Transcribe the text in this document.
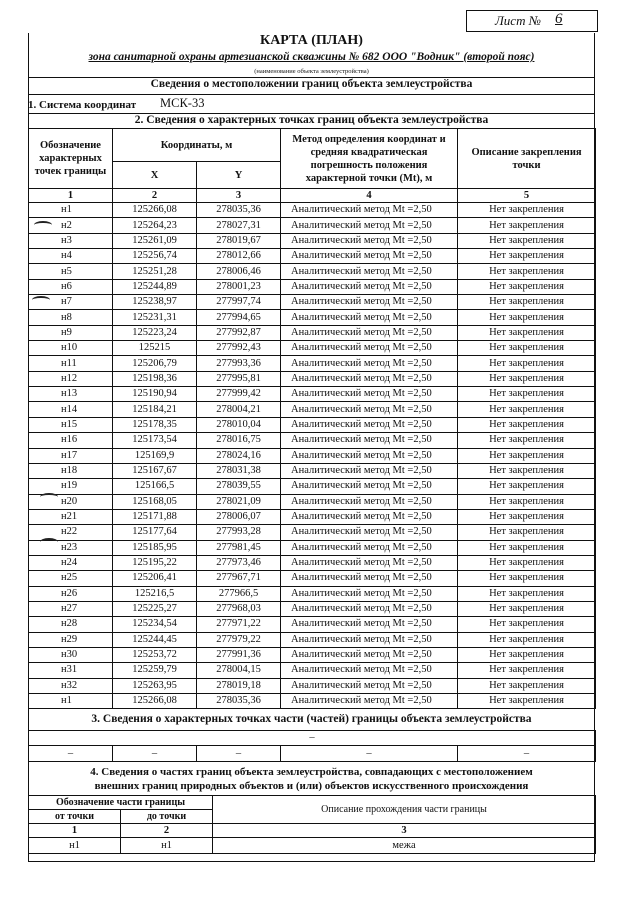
Лист № 6
КАРТА (ПЛАН)
зона санитарной охраны артезианской скважины № 682 ООО "Водник" (второй пояс)
(наименование объекта землеустройства)
Сведения о местоположении границ объекта землеустройства
1. Система координат МСК-33
2. Сведения о характерных точках границ объекта землеустройства
Обозначение характерных точек границы	Координаты, м		Метод определения координат и средняя квадратическая погрешность положения характерной точки (Mt), м	Описание закрепления точки
	X	Y		
1	2	3	4	5
н1	125266,08	278035,36	Аналитический метод Mt =2,50	Нет закрепления
н2	125264,23	278027,31	Аналитический метод Mt =2,50	Нет закрепления
н3	125261,09	278019,67	Аналитический метод Mt =2,50	Нет закрепления
н4	125256,74	278012,66	Аналитический метод Mt =2,50	Нет закрепления
н5	125251,28	278006,46	Аналитический метод Mt =2,50	Нет закрепления
н6	125244,89	278001,23	Аналитический метод Mt =2,50	Нет закрепления
н7	125238,97	277997,74	Аналитический метод Mt =2,50	Нет закрепления
н8	125231,31	277994,65	Аналитический метод Mt =2,50	Нет закрепления
н9	125223,24	277992,87	Аналитический метод Mt =2,50	Нет закрепления
н10	125215	277992,43	Аналитический метод Mt =2,50	Нет закрепления
н11	125206,79	277993,36	Аналитический метод Mt =2,50	Нет закрепления
н12	125198,36	277995,81	Аналитический метод Mt =2,50	Нет закрепления
н13	125190,94	277999,42	Аналитический метод Mt =2,50	Нет закрепления
н14	125184,21	278004,21	Аналитический метод Mt =2,50	Нет закрепления
н15	125178,35	278010,04	Аналитический метод Mt =2,50	Нет закрепления
н16	125173,54	278016,75	Аналитический метод Mt =2,50	Нет закрепления
н17	125169,9	278024,16	Аналитический метод Mt =2,50	Нет закрепления
н18	125167,67	278031,38	Аналитический метод Mt =2,50	Нет закрепления
н19	125166,5	278039,55	Аналитический метод Mt =2,50	Нет закрепления
н20	125168,05	278021,09	Аналитический метод Mt =2,50	Нет закрепления
н21	125171,88	278006,07	Аналитический метод Mt =2,50	Нет закрепления
н22	125177,64	277993,28	Аналитический метод Mt =2,50	Нет закрепления
н23	125185,95	277981,45	Аналитический метод Mt =2,50	Нет закрепления
н24	125195,22	277973,46	Аналитический метод Mt =2,50	Нет закрепления
н25	125206,41	277967,71	Аналитический метод Mt =2,50	Нет закрепления
н26	125216,5	277966,5	Аналитический метод Mt =2,50	Нет закрепления
н27	125225,27	277968,03	Аналитический метод Mt =2,50	Нет закрепления
н28	125234,54	277971,22	Аналитический метод Mt =2,50	Нет закрепления
н29	125244,45	277979,22	Аналитический метод Mt =2,50	Нет закрепления
н30	125253,72	277991,36	Аналитический метод Mt =2,50	Нет закрепления
н31	125259,79	278004,15	Аналитический метод Mt =2,50	Нет закрепления
н32	125263,95	278019,18	Аналитический метод Mt =2,50	Нет закрепления
н1	125266,08	278035,36	Аналитический метод Mt =2,50	Нет закрепления
3. Сведения о характерных точках части (частей) границы объекта землеустройства
–
–	–	–	–	–
4. Сведения о частях границ объекта землеустройства, совпадающих с местоположением
внешних границ природных объектов и (или) объектов искусственного происхождения
Обозначение части границы		Описание прохождения части границы
от точки	до точки	
1	2	3
н1	н1	межа
